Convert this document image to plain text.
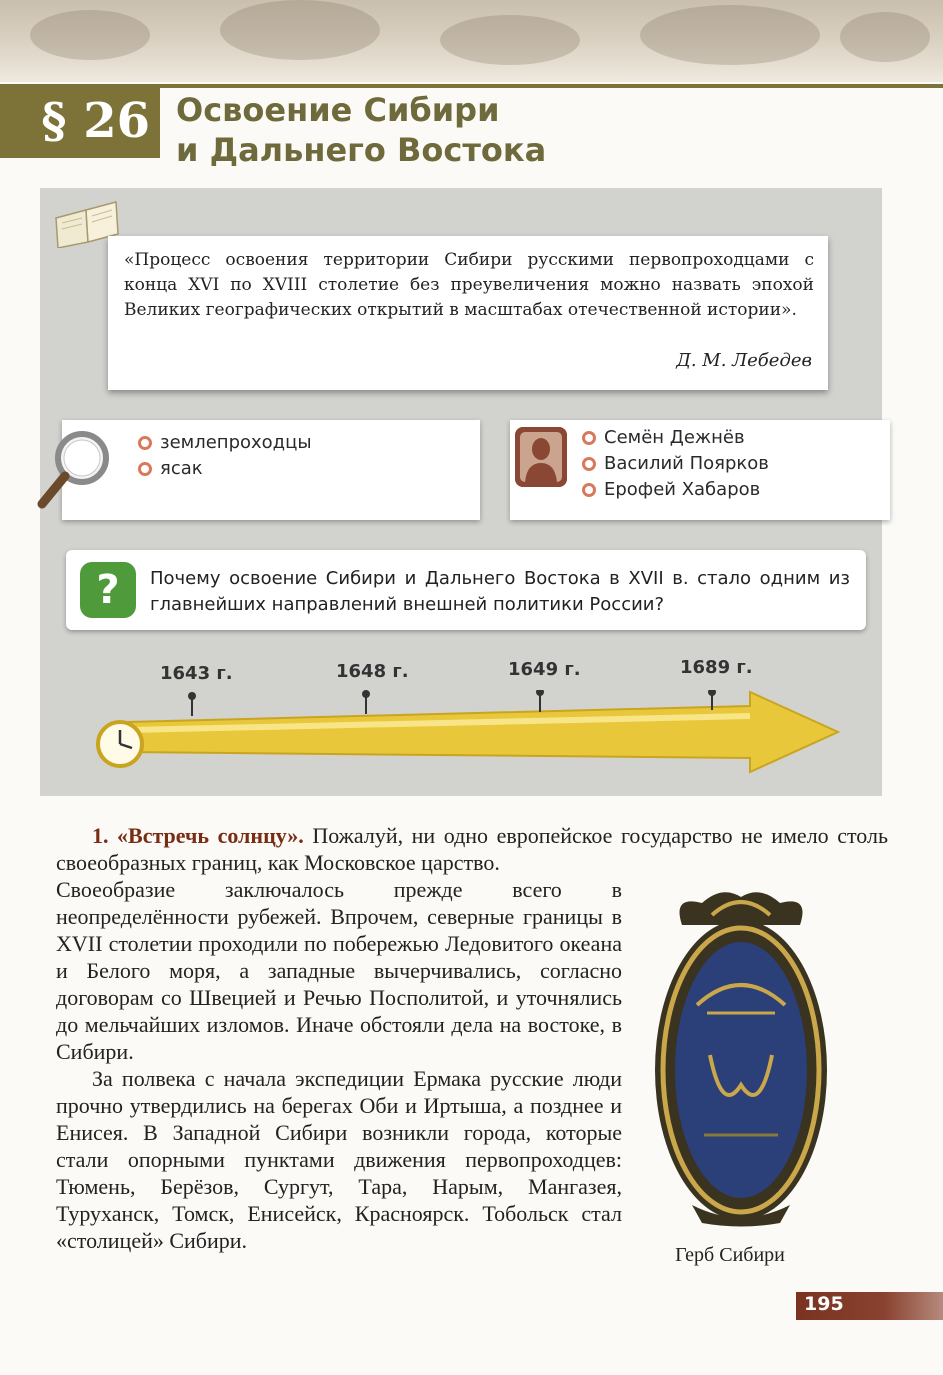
§ 26 Освоение Сибири
и Дальнего Востока
«Процесс освоения территории Сибири русскими первопроходцами с конца XVI по XVIII столетие без преувеличения можно назвать эпохой Великих географических открытий в масштабах отечественной истории».
Д. М. Лебедев
землепроходцы
ясак
Семён Дежнёв
Василий Поярков
Ерофей Хабаров
?	Почему освоение Сибири и Дальнего Востока в XVII в. стало одним из главнейших направлений внешней политики России?
1643 г.	1648 г.	1649 г.	1689 г.

1. «Встречь солнцу». Пожалуй, ни одно европейское государство не имело столь своеобразных границ, как Московское царство.

Своеобразие заключалось прежде всего в неопределённости рубежей. Впрочем, северные границы в XVII столетии проходили по побережью Ледовитого океана и Белого моря, а западные вычерчивались, согласно договорам со Швецией и Речью Посполитой, и уточнялись до мельчайших изломов. Иначе обстояли дела на востоке, в Сибири.

За полвека с начала экспедиции Ермака русские люди прочно утвердились на берегах Оби и Иртыша, а позднее и Енисея. В Западной Сибири возникли города, которые стали опорными пунктами движения первопроходцев: Тюмень, Берёзов, Сургут, Тара, Нарым, Мангазея, Туруханск, Томск, Енисейск, Красноярск. Тобольск стал «столицей» Сибири.

Герб Сибири
195
